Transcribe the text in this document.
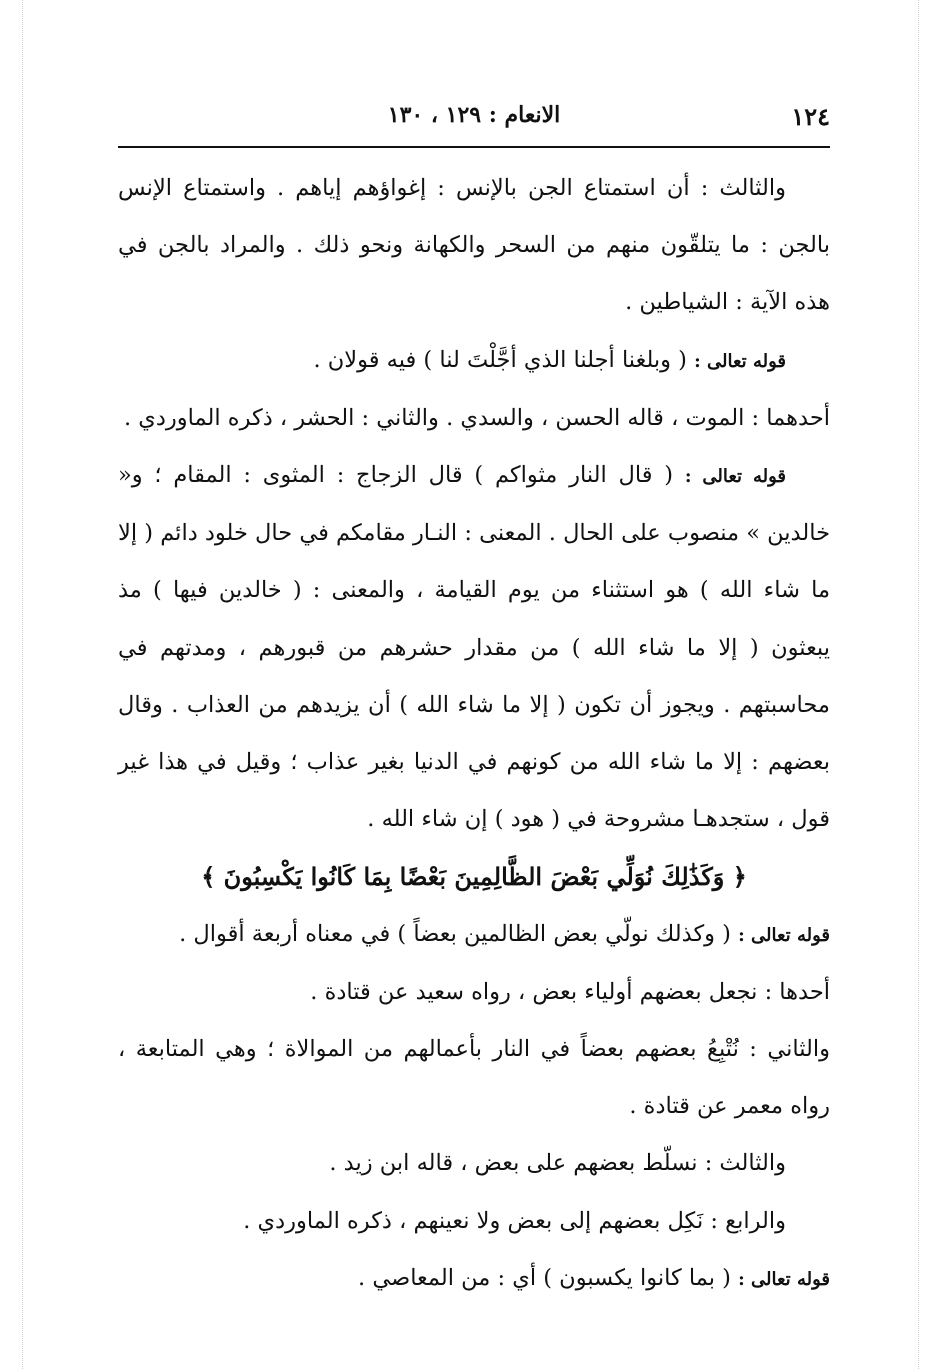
١٢٤
الانعام : ١٢٩ ، ١٣٠

والثالث : أن استمتاع الجن بالإنس : إغواؤهم إياهم . واستمتاع الإنس بالجن : ما يتلقّون منهم من السحر والكهانة ونحو ذلك . والمراد بالجن في هذه الآية : الشياطين .

قوله تعالى : ( وبلغنا أجلنا الذي أجَّلْتَ لنا ) فيه قولان .

أحدهما : الموت ، قاله الحسن ، والسدي . والثاني : الحشر ، ذكره الماوردي .

قوله تعالى : ( قال النار مثواكم ) قال الزجاج : المثوى : المقام ؛ و« خالدين » منصوب على الحال . المعنى : النـار مقامكم في حال خلود دائم ( إلا ما شاء الله ) هو استثناء من يوم القيامة ، والمعنى : ( خالدين فيها ) مذ يبعثون ( إلا ما شاء الله ) من مقدار حشرهم من قبورهم ، ومدتهم في محاسبتهم . ويجوز أن تكون ( إلا ما شاء الله ) أن يزيدهم من العذاب . وقال بعضهم : إلا ما شاء الله من كونهم في الدنيا بغير عذاب ؛ وقيل في هذا غير قول ، ستجدهـا مشروحة في ( هود ) إن شاء الله .

﴿ وَكَذَٰلِكَ نُوَلِّي بَعْضَ الظَّالِمِينَ بَعْضًا بِمَا كَانُوا يَكْسِبُونَ ﴾

قوله تعالى : ( وكذلك نولّي بعض الظالمين بعضاً ) في معناه أربعة أقوال .

أحدها : نجعل بعضهم أولياء بعض ، رواه سعيد عن قتادة .

والثاني : نُتْبِعُ بعضهم بعضاً في النار بأعمالهم من الموالاة ؛ وهي المتابعة ، رواه معمر عن قتادة .

والثالث : نسلّط بعضهم على بعض ، قاله ابن زيد .

والرابع : نَكِل بعضهم إلى بعض ولا نعينهم ، ذكره الماوردي .

قوله تعالى : ( بما كانوا يكسبون ) أي : من المعاصي .
